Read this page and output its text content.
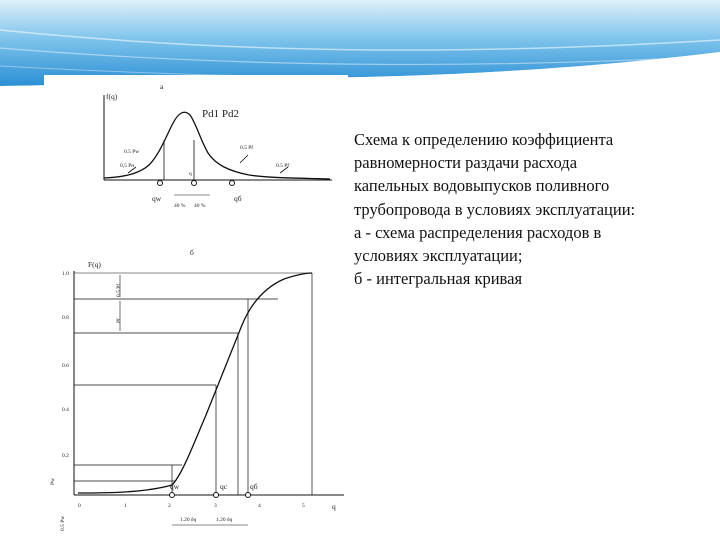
а
f(q)
Pd1 Pd2
0.5 Pw
0,5 Pн
0.5 Pf
0.5 Pf
qw
q
qб
40 % 40 %
б
F(q)
1.0
0.8
0.6
0.4
0.2
0	1	2	3	4	5	q
qw	qc	qб
1.20 δq	1.20 δq
0.5 Pf
Pf
Pw
0.5 Pw
Схема к определению коэффициента
равномерности раздачи расхода
капельных водовыпусков поливного
трубопровода в условиях эксплуатации:
а - схема распределения расходов в
условиях эксплуатации;
б - интегральная кривая
